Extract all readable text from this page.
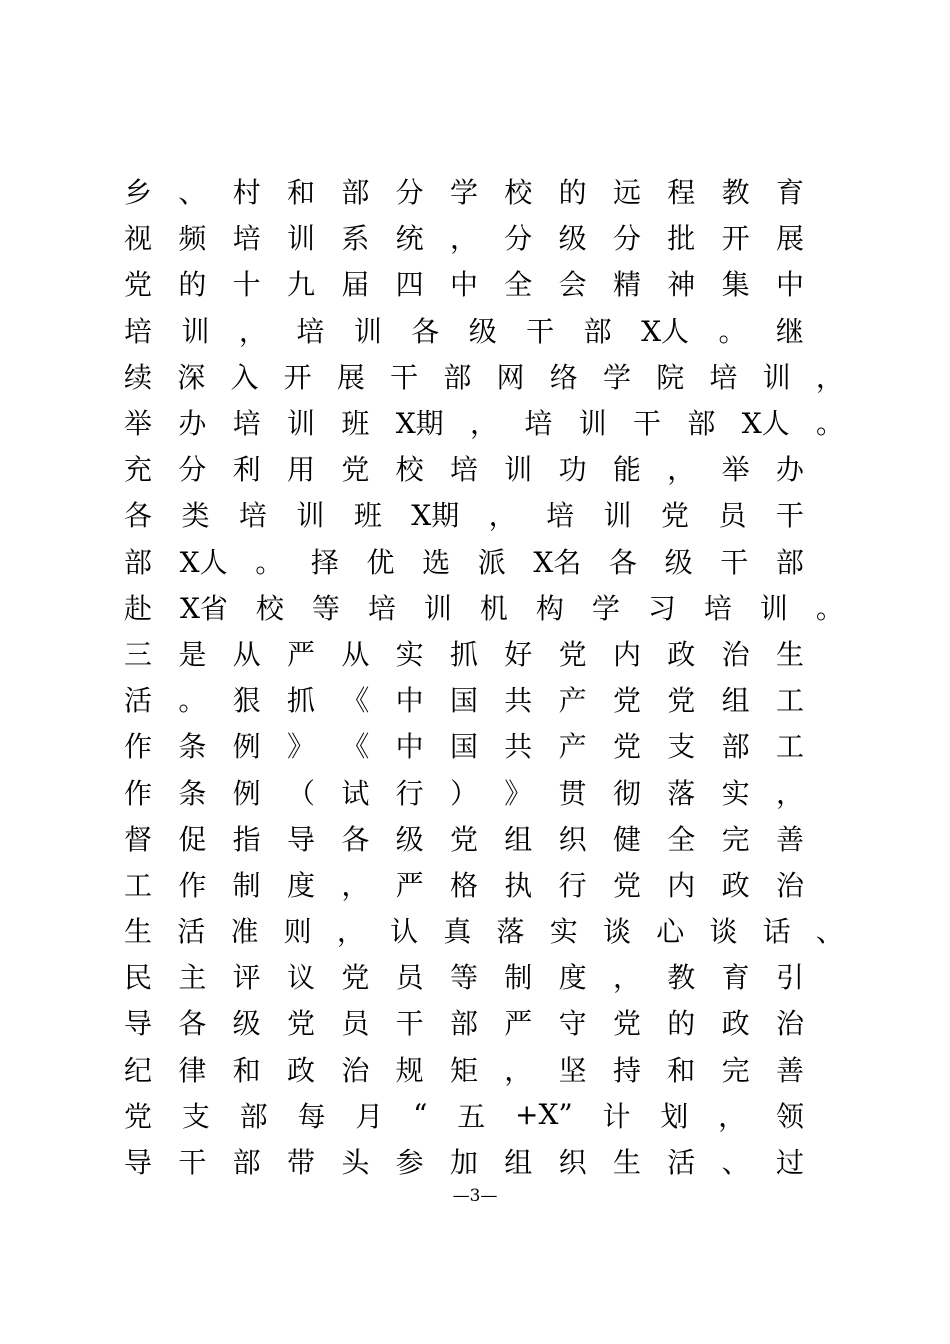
乡 、 村 和 部 分 学 校 的 远 程 教 育
视 频 培 训 系 统 ， 分 级 分 批 开 展
党 的 十 九 届 四 中 全 会 精 神 集 中
培 训 ， 培 训 各 级 干 部 X人 。 继
续 深 入 开 展 干 部 网 络 学 院 培 训 ，
举 办 培 训 班 X期 ， 培 训 干 部 X人 。
充 分 利 用 党 校 培 训 功 能 ， 举 办
各 类 培 训 班 X期 ， 培 训 党 员 干
部 X人 。 择 优 选 派 X名 各 级 干 部
赴 X省 校 等 培 训 机 构 学 习 培 训 。
三 是 从 严 从 实 抓 好 党 内 政 治 生
活 。 狠 抓 《 中 国 共 产 党 党 组 工
作 条 例 》 《 中 国 共 产 党 支 部 工
作 条 例 （ 试 行 ） 》 贯 彻 落 实 ，
督 促 指 导 各 级 党 组 织 健 全 完 善
工 作 制 度 ， 严 格 执 行 党 内 政 治
生 活 准 则 ， 认 真 落 实 谈 心 谈 话 、
民 主 评 议 党 员 等 制 度 ， 教 育 引
导 各 级 党 员 干 部 严 守 党 的 政 治
纪 律 和 政 治 规 矩 ， 坚 持 和 完 善
党 支 部 每 月 “ 五 +X” 计 划 ， 领
导 干 部 带 头 参 加 组 织 生 活 、 过
—3—
